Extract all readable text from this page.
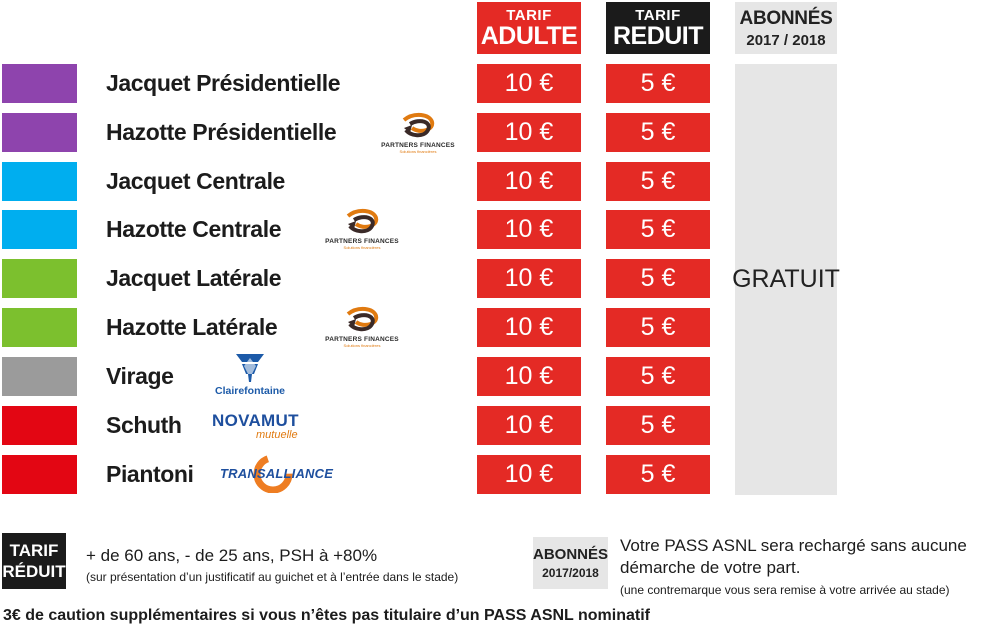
TARIF
ADULTE
TARIF
REDUIT
ABONNÉS
2017 / 2018
Jacquet Présidentielle
Hazotte Présidentielle
Jacquet Centrale
Hazotte Centrale
Jacquet Latérale
Hazotte Latérale
Virage
Schuth
Piantoni
10 €
10 €
10 €
10 €
10 €
10 €
10 €
10 €
10 €
5 €
5 €
5 €
5 €
5 €
5 €
5 €
5 €
5 €
GRATUIT
PARTNERS FINANCES
Solutions financières
PARTNERS FINANCES
Solutions financières
PARTNERS FINANCES
Solutions financières
Clairefontaine
NOVAMUT
mutuelle
TRANSALLIANCE
TARIF
RÉDUIT
+ de 60 ans, - de 25 ans, PSH à +80%
(sur présentation d’un justificatif au guichet et à l’entrée dans le stade)
ABONNÉS
2017/2018
Votre PASS ASNL sera rechargé sans aucune
démarche de votre part.
(une contremarque vous sera remise à votre arrivée au stade)
3€ de caution supplémentaires si vous n’êtes pas titulaire d’un PASS ASNL nominatif
